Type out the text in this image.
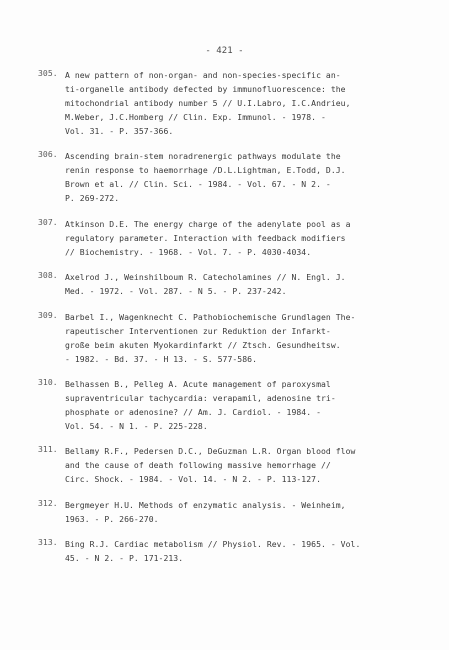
- 421 -
305. A new pattern of non-organ- and non-species-specific an-
ti-organelle antibody defected by immunofluorescence: the
mitochondrial antibody number 5 // U.I.Labro, I.C.Andrieu,
M.Weber, J.C.Homberg // Clin. Exp. Immunol. - 1978. -
Vol. 31. - P. 357-366.
306. Ascending brain-stem noradrenergic pathways modulate the
renin response to haemorrhage /D.L.Lightman, E.Todd, D.J.
Brown et al. // Clin. Sci. - 1984. - Vol. 67. - N 2. -
P. 269-272.
307. Atkinson D.E. The energy charge of the adenylate pool as a
regulatory parameter. Interaction with feedback modifiers
// Biochemistry. - 1968. - Vol. 7. - P. 4030-4034.
308. Axelrod J., Weinshilboum R. Catecholamines // N. Engl. J.
Med. - 1972. - Vol. 287. - N 5. - P. 237-242.
309. Barbel I., Wagenknecht C. Pathobiochemische Grundlagen The-
rapeutischer Interventionen zur Reduktion der Infarkt-
große beim akuten Myokardinfarkt // Ztsch. Gesundheitsw.
- 1982. - Bd. 37. - H 13. - S. 577-586.
310. Belhassen B., Pelleg A. Acute management of paroxysmal
supraventricular tachycardia: verapamil, adenosine tri-
phosphate or adenosine? // Am. J. Cardiol. - 1984. -
Vol. 54. - N 1. - P. 225-228.
311. Bellamy R.F., Pedersen D.C., DeGuzman L.R. Organ blood flow
and the cause of death following massive hemorrhage //
Circ. Shock. - 1984. - Vol. 14. - N 2. - P. 113-127.
312. Bergmeyer H.U. Methods of enzymatic analysis. - Weinheim,
1963. - P. 266-270.
313. Bing R.J. Cardiac metabolism // Physiol. Rev. - 1965. - Vol.
45. - N 2. - P. 171-213.
